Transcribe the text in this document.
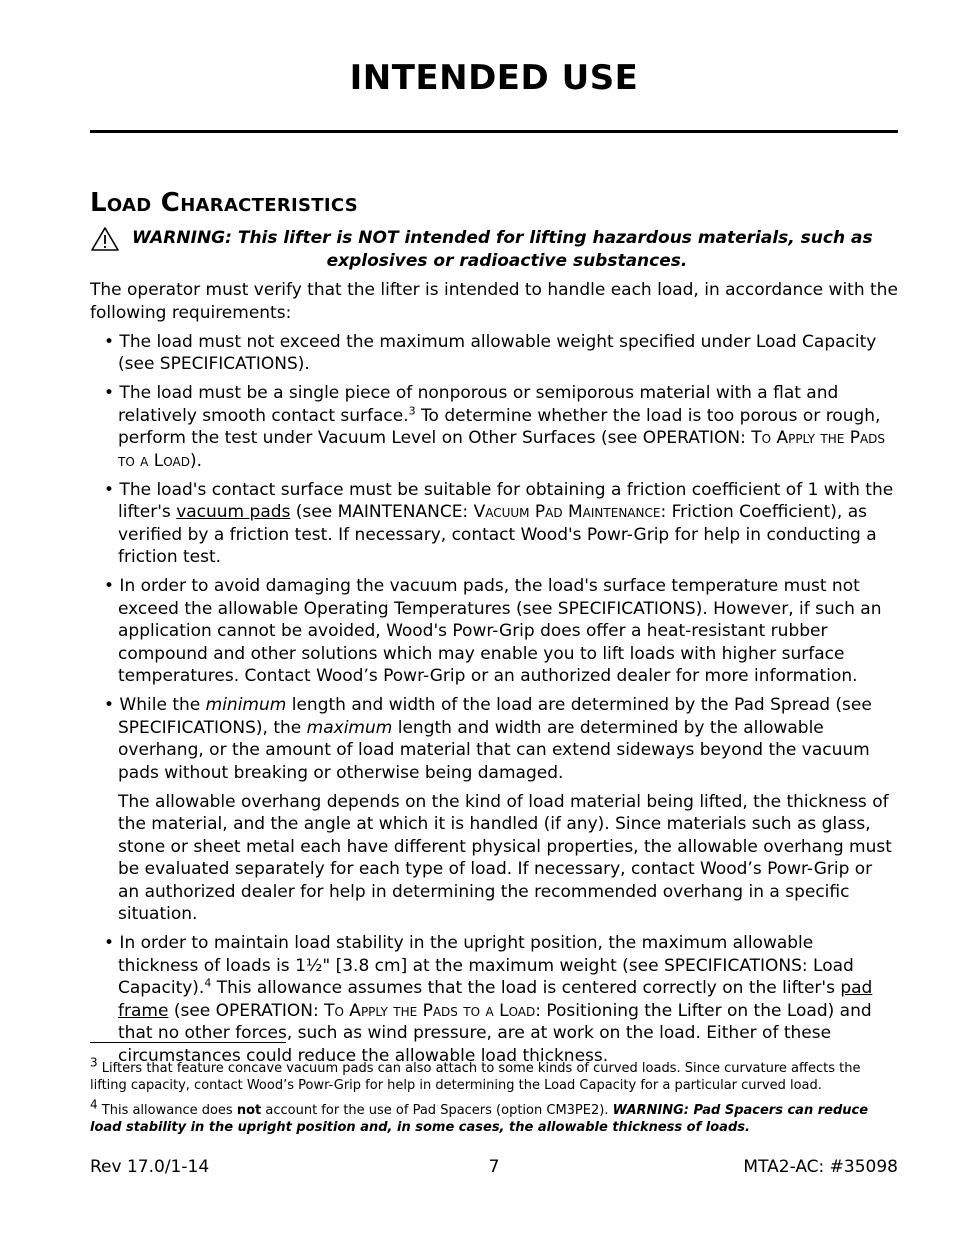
INTENDED USE
Load Characteristics
WARNING: This lifter is NOT intended for lifting hazardous materials, such as
explosives or radioactive substances.

The operator must verify that the lifter is intended to handle each load, in accordance with the following requirements:

• The load must not exceed the maximum allowable weight specified under Load Capacity (see SPECIFICATIONS).

• The load must be a single piece of nonporous or semiporous material with a flat and relatively smooth contact surface.$^3$ To determine whether the load is too porous or rough, perform the test under Vacuum Level on Other Surfaces (see OPERATION: To Apply the Pads to a Load).

• The load's contact surface must be suitable for obtaining a friction coefficient of 1 with the lifter's vacuum pads (see MAINTENANCE: Vacuum Pad Maintenance: Friction Coefficient), as verified by a friction test. If necessary, contact Wood's Powr-Grip for help in conducting a friction test.

• In order to avoid damaging the vacuum pads, the load's surface temperature must not exceed the allowable Operating Temperatures (see SPECIFICATIONS). However, if such an application cannot be avoided, Wood's Powr-Grip does offer a heat-resistant rubber compound and other solutions which may enable you to lift loads with higher surface temperatures. Contact Wood’s Powr-Grip or an authorized dealer for more information.

• While the minimum length and width of the load are determined by the Pad Spread (see SPECIFICATIONS), the maximum length and width are determined by the allowable overhang, or the amount of load material that can extend sideways beyond the vacuum pads without breaking or otherwise being damaged.

The allowable overhang depends on the kind of load material being lifted, the thickness of the material, and the angle at which it is handled (if any). Since materials such as glass, stone or sheet metal each have different physical properties, the allowable overhang must be evaluated separately for each type of load. If necessary, contact Wood’s Powr-Grip or an authorized dealer for help in determining the recommended overhang in a specific situation.

• In order to maintain load stability in the upright position, the maximum allowable thickness of loads is 1½" [3.8 cm] at the maximum weight (see SPECIFICATIONS: Load Capacity).$^4$ This allowance assumes that the load is centered correctly on the lifter's pad frame (see OPERATION: To Apply the Pads to a Load: Positioning the Lifter on the Load) and that no other forces, such as wind pressure, are at work on the load. Either of these circumstances could reduce the allowable load thickness.

$^3$ Lifters that feature concave vacuum pads can also attach to some kinds of curved loads. Since curvature affects the lifting capacity, contact Wood’s Powr-Grip for help in determining the Load Capacity for a particular curved load.

$^4$ This allowance does not account for the use of Pad Spacers (option CM3PE2). WARNING: Pad Spacers can reduce load stability in the upright position and, in some cases, the allowable thickness of loads.

Rev 17.0/1-14	7	MTA2-AC: #35098
